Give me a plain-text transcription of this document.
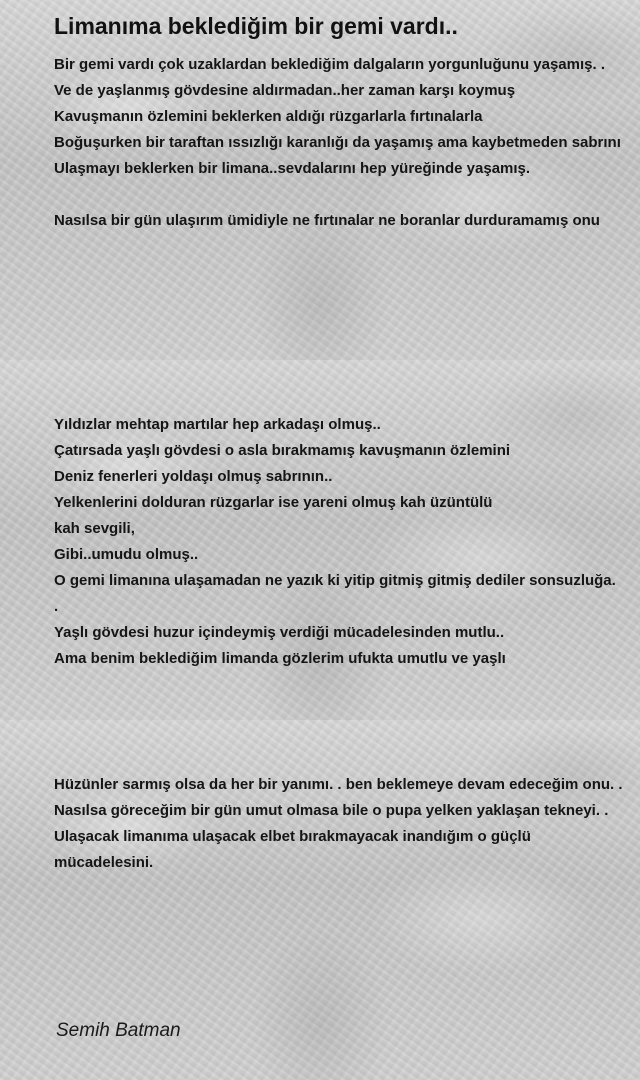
Limanıma beklediğim bir gemi vardı..
Bir gemi vardı çok uzaklardan beklediğim dalgaların yorgunluğunu yaşamış. .
Ve de yaşlanmış gövdesine aldırmadan..her zaman karşı koymuş
Kavuşmanın özlemini beklerken aldığı rüzgarlarla fırtınalarla
Boğuşurken bir taraftan ıssızlığı karanlığı da yaşamış ama kaybetmeden sabrını
Ulaşmayı beklerken bir limana..sevdalarını hep yüreğinde yaşamış.
Nasılsa bir gün ulaşırım ümidiyle ne fırtınalar ne boranlar durduramamış onu
Yıldızlar mehtap martılar hep arkadaşı olmuş..
Çatırsada yaşlı gövdesi o asla bırakmamış kavuşmanın özlemini
Deniz fenerleri yoldaşı olmuş sabrının..
Yelkenlerini dolduran rüzgarlar ise yareni olmuş kah üzüntülü
kah sevgili,
Gibi..umudu olmuş..
O gemi limanına ulaşamadan ne yazık ki yitip gitmiş gitmiş dediler sonsuzluğa. .
Yaşlı gövdesi huzur içindeymiş verdiği mücadelesinden mutlu..
Ama benim beklediğim limanda gözlerim ufukta umutlu ve yaşlı
Hüzünler sarmış olsa da her bir yanımı. . ben beklemeye devam edeceğim onu. .
Nasılsa göreceğim bir gün umut olmasa bile o pupa yelken yaklaşan tekneyi. .
Ulaşacak limanıma ulaşacak elbet bırakmayacak inandığım o güçlü mücadelesini.
Semih Batman
